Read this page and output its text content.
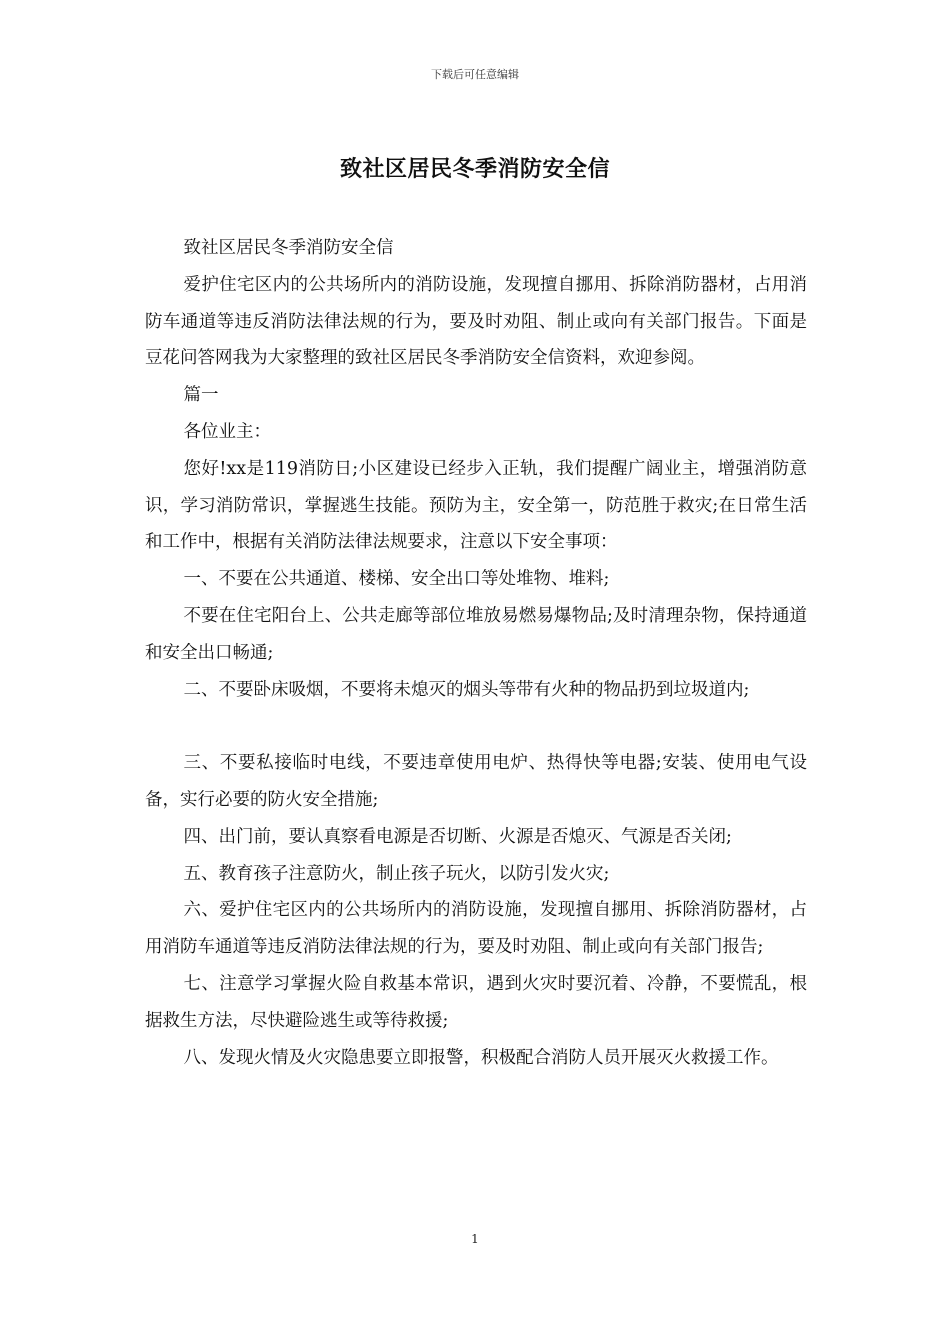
下载后可任意编辑
致社区居民冬季消防安全信

致社区居民冬季消防安全信

爱护住宅区内的公共场所内的消防设施，发现擅自挪用、拆除消防器材，占用消防车通道等违反消防法律法规的行为，要及时劝阻、制止或向有关部门报告。下面是豆花问答网我为大家整理的致社区居民冬季消防安全信资料，欢迎参阅。

篇一

各位业主：

您好!xx是119消防日;小区建设已经步入正轨，我们提醒广阔业主，增强消防意识，学习消防常识，掌握逃生技能。预防为主，安全第一，防范胜于救灾;在日常生活和工作中，根据有关消防法律法规要求，注意以下安全事项：

一、不要在公共通道、楼梯、安全出口等处堆物、堆料;

不要在住宅阳台上、公共走廊等部位堆放易燃易爆物品;及时清理杂物，保持通道和安全出口畅通;

二、不要卧床吸烟，不要将未熄灭的烟头等带有火种的物品扔到垃圾道内;

三、不要私接临时电线，不要违章使用电炉、热得快等电器;安装、使用电气设备，实行必要的防火安全措施;

四、出门前，要认真察看电源是否切断、火源是否熄灭、气源是否关闭;

五、教育孩子注意防火，制止孩子玩火，以防引发火灾;

六、爱护住宅区内的公共场所内的消防设施，发现擅自挪用、拆除消防器材，占用消防车通道等违反消防法律法规的行为，要及时劝阻、制止或向有关部门报告;

七、注意学习掌握火险自救基本常识，遇到火灾时要沉着、冷静，不要慌乱，根据救生方法，尽快避险逃生或等待救援;

八、发现火情及火灾隐患要立即报警，积极配合消防人员开展灭火救援工作。

1
